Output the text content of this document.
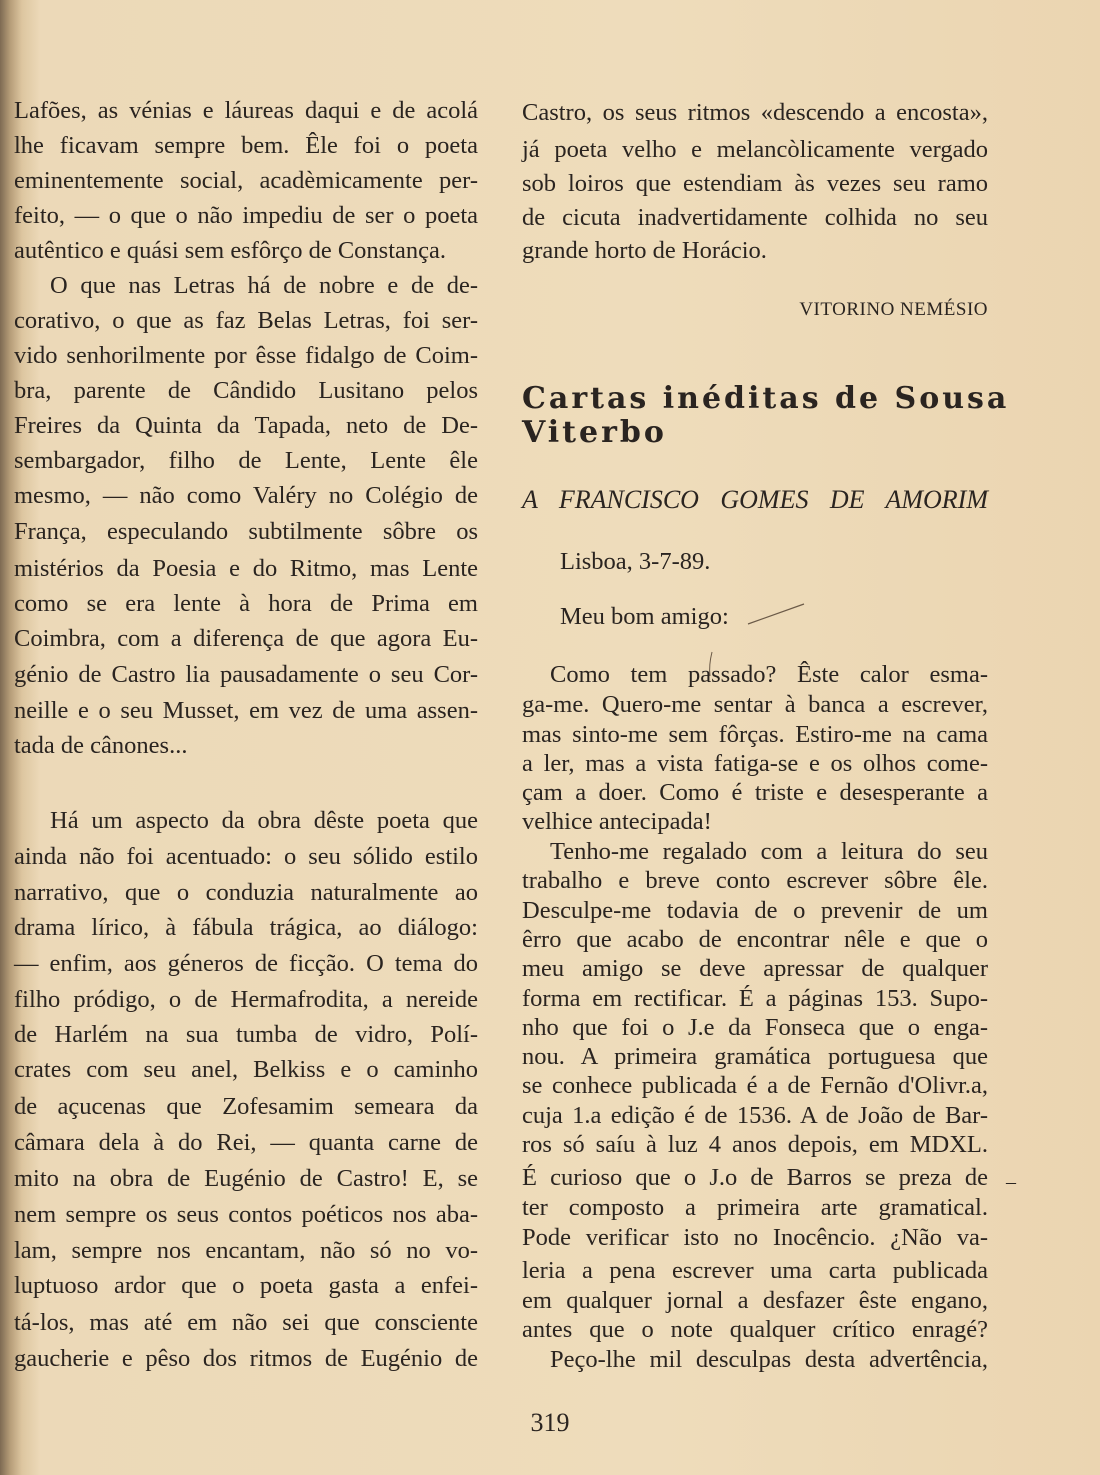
Lafões, as vénias e láureas daqui e de acolá
lhe ficavam sempre bem. Êle foi o poeta
eminentemente social, acadèmicamente per-
feito, — o que o não impediu de ser o poeta
autêntico e quási sem esfôrço de Constança.
O que nas Letras há de nobre e de de-
corativo, o que as faz Belas Letras, foi ser-
vido senhorilmente por êsse fidalgo de Coim-
bra, parente de Cândido Lusitano pelos
Freires da Quinta da Tapada, neto de De-
sembargador, filho de Lente, Lente êle
mesmo, — não como Valéry no Colégio de
França, especulando subtilmente sôbre os
mistérios da Poesia e do Ritmo, mas Lente
como se era lente à hora de Prima em
Coimbra, com a diferença de que agora Eu-
génio de Castro lia pausadamente o seu Cor-
neille e o seu Musset, em vez de uma assen-
tada de cânones...
Há um aspecto da obra dêste poeta que
ainda não foi acentuado: o seu sólido estilo
narrativo, que o conduzia naturalmente ao
drama lírico, à fábula trágica, ao diálogo:
— enfim, aos géneros de ficção. O tema do
filho pródigo, o de Hermafrodita, a nereide
de Harlém na sua tumba de vidro, Polí-
crates com seu anel, Belkiss e o caminho
de açucenas que Zofesamim semeara da
câmara dela à do Rei, — quanta carne de
mito na obra de Eugénio de Castro! E, se
nem sempre os seus contos poéticos nos aba-
lam, sempre nos encantam, não só no vo-
luptuoso ardor que o poeta gasta a enfei-
tá-los, mas até em não sei que consciente
gaucherie e pêso dos ritmos de Eugénio de
Castro, os seus ritmos «descendo a encosta»,
já poeta velho e melancòlicamente vergado
sob loiros que estendiam às vezes seu ramo
de cicuta inadvertidamente colhida no seu
grande horto de Horácio.
VITORINO NEMÉSIO
Cartas inéditas de Sousa
Viterbo
A FRANCISCO GOMES DE AMORIM
Lisboa, 3-7-89.
Meu bom amigo:
Como tem passado? Êste calor esma-
ga-me. Quero-me sentar à banca a escrever,
mas sinto-me sem fôrças. Estiro-me na cama
a ler, mas a vista fatiga-se e os olhos come-
çam a doer. Como é triste e desesperante a
velhice antecipada!
Tenho-me regalado com a leitura do seu
trabalho e breve conto escrever sôbre êle.
Desculpe-me todavia de o prevenir de um
êrro que acabo de encontrar nêle e que o
meu amigo se deve apressar de qualquer
forma em rectificar. É a páginas 153. Supo-
nho que foi o J.e da Fonseca que o enga-
nou. A primeira gramática portuguesa que
se conhece publicada é a de Fernão d'Olivr.a,
cuja 1.a edição é de 1536. A de João de Bar-
ros só saíu à luz 4 anos depois, em MDXL.
É curioso que o J.o de Barros se preza de
ter composto a primeira arte gramatical.
Pode verificar isto no Inocêncio. ¿Não va-
leria a pena escrever uma carta publicada
em qualquer jornal a desfazer êste engano,
antes que o note qualquer crítico enragé?
Peço-lhe mil desculpas desta advertência,
–
319
